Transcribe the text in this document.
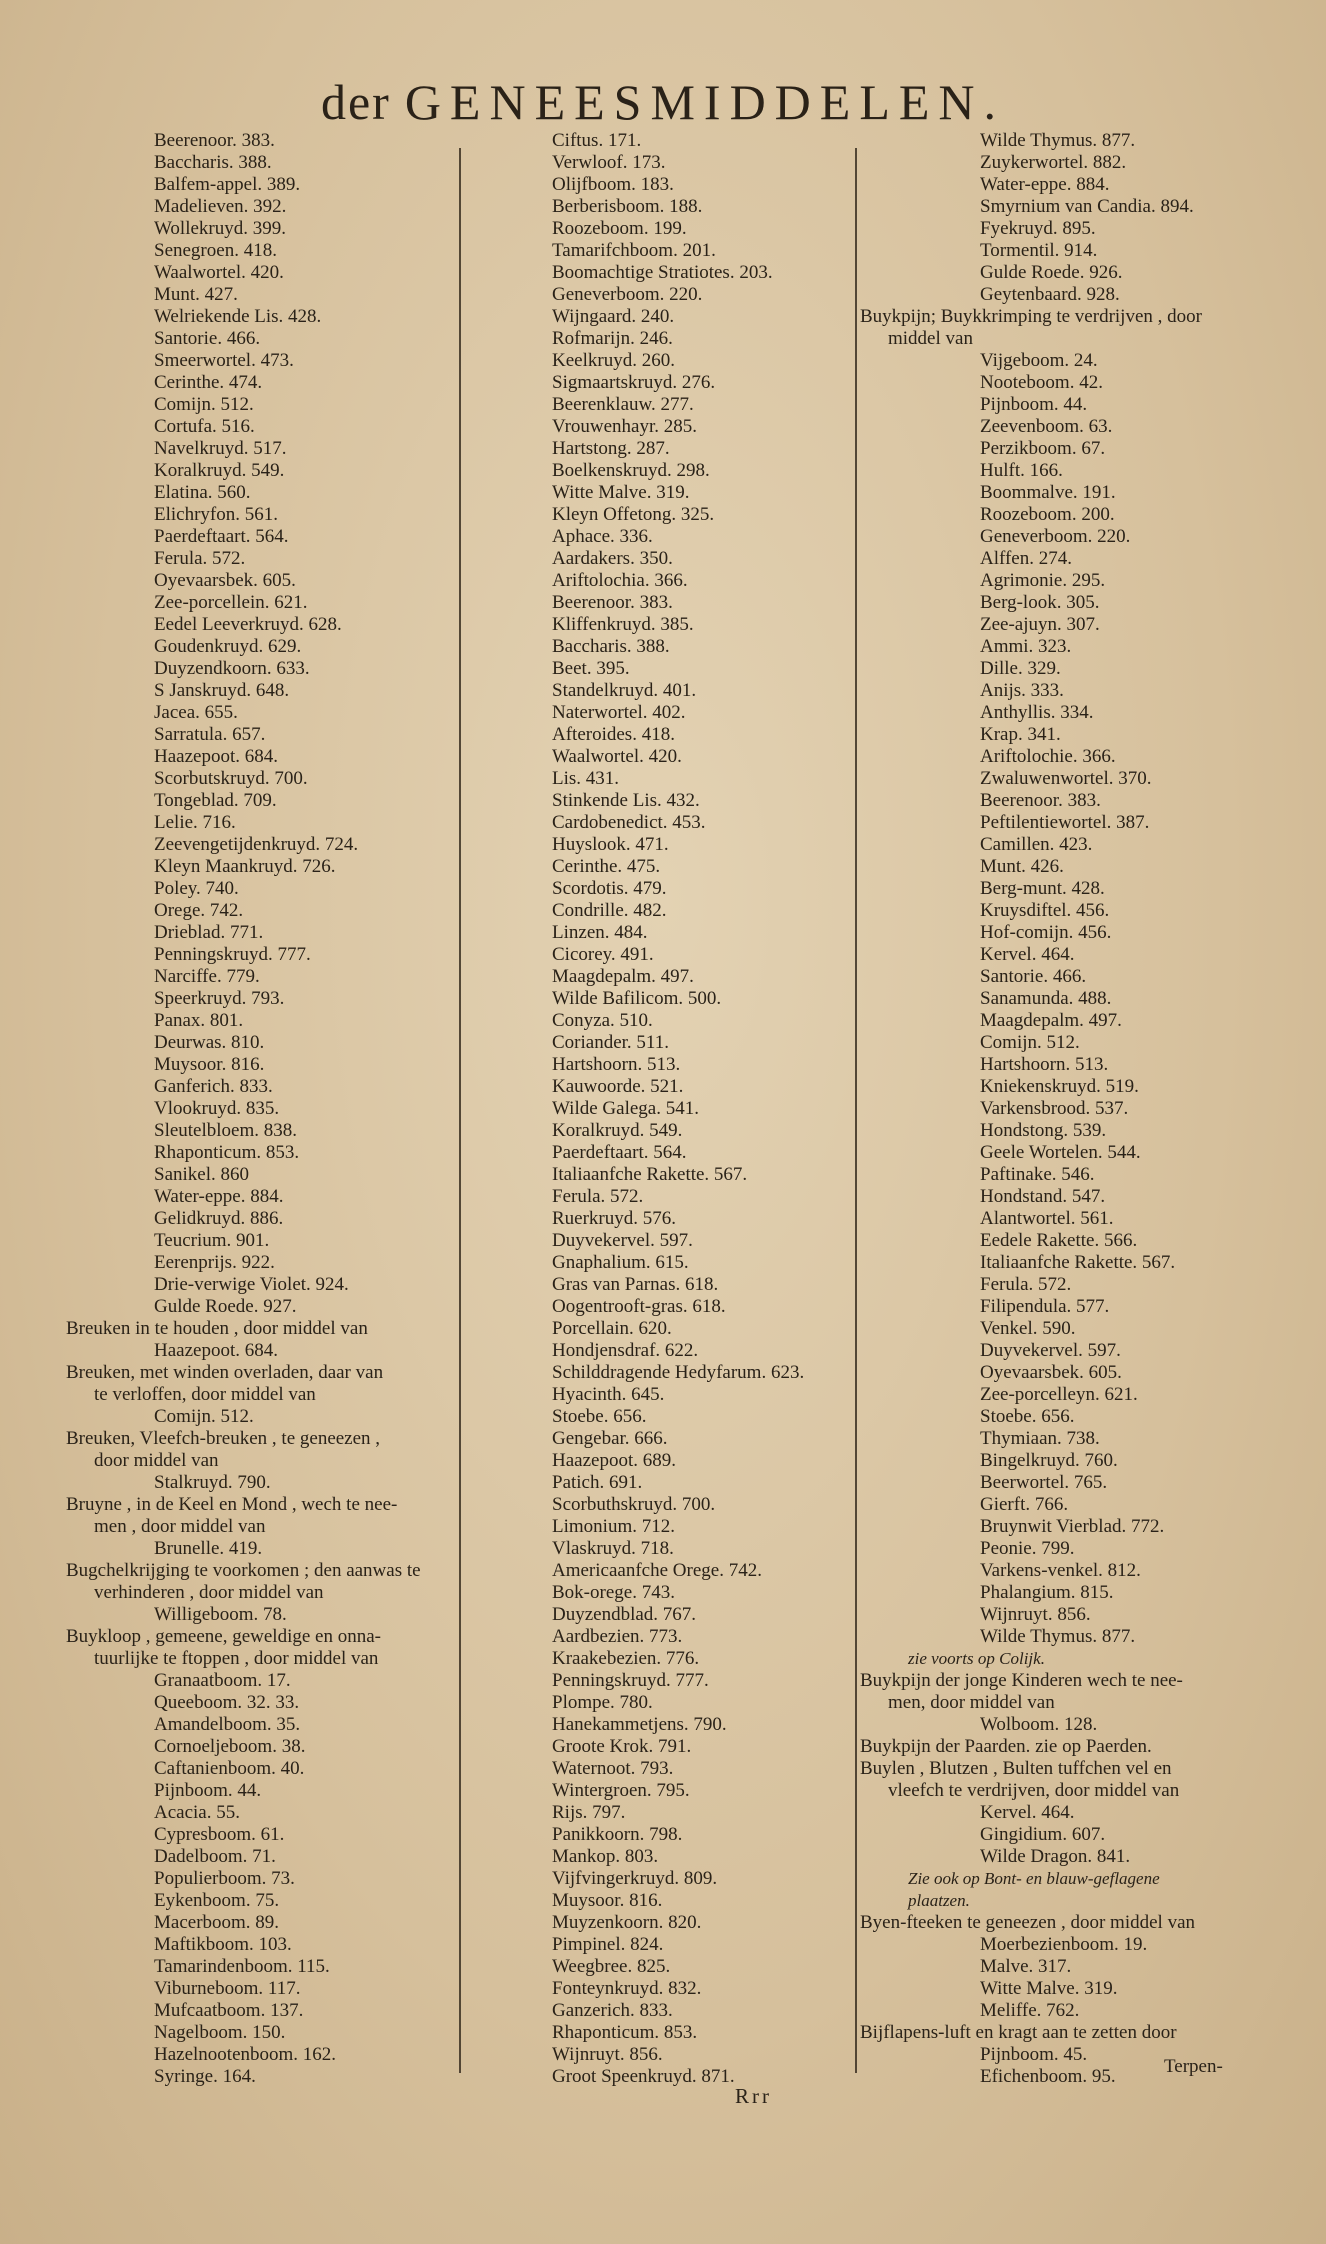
der GENEESMIDDELEN.
Beerenoor. 383.
Baccharis. 388.
Balfem-appel. 389.
Madelieven. 392.
Wollekruyd. 399.
Senegroen. 418.
Waalwortel. 420.
Munt. 427.
Welriekende Lis. 428.
Santorie. 466.
Smeerwortel. 473.
Cerinthe. 474.
Comijn. 512.
Cortufa. 516.
Navelkruyd. 517.
Koralkruyd. 549.
Elatina. 560.
Elichryfon. 561.
Paerdeftaart. 564.
Ferula. 572.
Oyevaarsbek. 605.
Zee-porcellein. 621.
Eedel Leeverkruyd. 628.
Goudenkruyd. 629.
Duyzendkoorn. 633.
S Janskruyd. 648.
Jacea. 655.
Sarratula. 657.
Haazepoot. 684.
Scorbutskruyd. 700.
Tongeblad. 709.
Lelie. 716.
Zeevengetijdenkruyd. 724.
Kleyn Maankruyd. 726.
Poley. 740.
Orege. 742.
Drieblad. 771.
Penningskruyd. 777.
Narciffe. 779.
Speerkruyd. 793.
Panax. 801.
Deurwas. 810.
Muysoor. 816.
Ganferich. 833.
Vlookruyd. 835.
Sleutelbloem. 838.
Rhaponticum. 853.
Sanikel. 860
Water-eppe. 884.
Gelidkruyd. 886.
Teucrium. 901.
Eerenprijs. 922.
Drie-verwige Violet. 924.
Gulde Roede. 927.
Breuken in te houden , door middel van
Haazepoot. 684.
Breuken, met winden overladen, daar van
te verloffen, door middel van
Comijn. 512.
Breuken, Vleefch-breuken , te geneezen ,
door middel van
Stalkruyd. 790.
Bruyne , in de Keel en Mond , wech te nee-
men , door middel van
Brunelle. 419.
Bugchelkrijging te voorkomen ; den aanwas te
verhinderen , door middel van
Willigeboom. 78.
Buykloop , gemeene, geweldige en onna-
tuurlijke te ftoppen , door middel van
Granaatboom. 17.
Queeboom. 32. 33.
Amandelboom. 35.
Cornoeljeboom. 38.
Caftanienboom. 40.
Pijnboom. 44.
Acacia. 55.
Cypresboom. 61.
Dadelboom. 71.
Populierboom. 73.
Eykenboom. 75.
Macerboom. 89.
Maftikboom. 103.
Tamarindenboom. 115.
Viburneboom. 117.
Mufcaatboom. 137.
Nagelboom. 150.
Hazelnootenboom. 162.
Syringe. 164.
Ciftus. 171.
Verwloof. 173.
Olijfboom. 183.
Berberisboom. 188.
Roozeboom. 199.
Tamarifchboom. 201.
Boomachtige Stratiotes. 203.
Geneverboom. 220.
Wijngaard. 240.
Rofmarijn. 246.
Keelkruyd. 260.
Sigmaartskruyd. 276.
Beerenklauw. 277.
Vrouwenhayr. 285.
Hartstong. 287.
Boelkenskruyd. 298.
Witte Malve. 319.
Kleyn Offetong. 325.
Aphace. 336.
Aardakers. 350.
Ariftolochia. 366.
Beerenoor. 383.
Kliffenkruyd. 385.
Baccharis. 388.
Beet. 395.
Standelkruyd. 401.
Naterwortel. 402.
Afteroides. 418.
Waalwortel. 420.
Lis. 431.
Stinkende Lis. 432.
Cardobenedict. 453.
Huyslook. 471.
Cerinthe. 475.
Scordotis. 479.
Condrille. 482.
Linzen. 484.
Cicorey. 491.
Maagdepalm. 497.
Wilde Bafilicom. 500.
Conyza. 510.
Coriander. 511.
Hartshoorn. 513.
Kauwoorde. 521.
Wilde Galega. 541.
Koralkruyd. 549.
Paerdeftaart. 564.
Italiaanfche Rakette. 567.
Ferula. 572.
Ruerkruyd. 576.
Duyvekervel. 597.
Gnaphalium. 615.
Gras van Parnas. 618.
Oogentrooft-gras. 618.
Porcellain. 620.
Hondjensdraf. 622.
Schilddragende Hedyfarum. 623.
Hyacinth. 645.
Stoebe. 656.
Gengebar. 666.
Haazepoot. 689.
Patich. 691.
Scorbuthskruyd. 700.
Limonium. 712.
Vlaskruyd. 718.
Americaanfche Orege. 742.
Bok-orege. 743.
Duyzendblad. 767.
Aardbezien. 773.
Kraakebezien. 776.
Penningskruyd. 777.
Plompe. 780.
Hanekammetjens. 790.
Groote Krok. 791.
Waternoot. 793.
Wintergroen. 795.
Rijs. 797.
Panikkoorn. 798.
Mankop. 803.
Vijfvingerkruyd. 809.
Muysoor. 816.
Muyzenkoorn. 820.
Pimpinel. 824.
Weegbree. 825.
Fonteynkruyd. 832.
Ganzerich. 833.
Rhaponticum. 853.
Wijnruyt. 856.
Groot Speenkruyd. 871.
Wilde Thymus. 877.
Zuykerwortel. 882.
Water-eppe. 884.
Smyrnium van Candia. 894.
Fyekruyd. 895.
Tormentil. 914.
Gulde Roede. 926.
Geytenbaard. 928.
Buykpijn; Buykkrimping te verdrijven , door
middel van
Vijgeboom. 24.
Nooteboom. 42.
Pijnboom. 44.
Zeevenboom. 63.
Perzikboom. 67.
Hulft. 166.
Boommalve. 191.
Roozeboom. 200.
Geneverboom. 220.
Alffen. 274.
Agrimonie. 295.
Berg-look. 305.
Zee-ajuyn. 307.
Ammi. 323.
Dille. 329.
Anijs. 333.
Anthyllis. 334.
Krap. 341.
Ariftolochie. 366.
Zwaluwenwortel. 370.
Beerenoor. 383.
Peftilentiewortel. 387.
Camillen. 423.
Munt. 426.
Berg-munt. 428.
Kruysdiftel. 456.
Hof-comijn. 456.
Kervel. 464.
Santorie. 466.
Sanamunda. 488.
Maagdepalm. 497.
Comijn. 512.
Hartshoorn. 513.
Kniekenskruyd. 519.
Varkensbrood. 537.
Hondstong. 539.
Geele Wortelen. 544.
Paftinake. 546.
Hondstand. 547.
Alantwortel. 561.
Eedele Rakette. 566.
Italiaanfche Rakette. 567.
Ferula. 572.
Filipendula. 577.
Venkel. 590.
Duyvekervel. 597.
Oyevaarsbek. 605.
Zee-porcelleyn. 621.
Stoebe. 656.
Thymiaan. 738.
Bingelkruyd. 760.
Beerwortel. 765.
Gierft. 766.
Bruynwit Vierblad. 772.
Peonie. 799.
Varkens-venkel. 812.
Phalangium. 815.
Wijnruyt. 856.
Wilde Thymus. 877.
zie voorts op Colijk.
Buykpijn der jonge Kinderen wech te nee-
men, door middel van
Wolboom. 128.
Buykpijn der Paarden. zie op Paerden.
Buylen , Blutzen , Bulten tuffchen vel en
vleefch te verdrijven, door middel van
Kervel. 464.
Gingidium. 607.
Wilde Dragon. 841.
Zie ook op Bont- en blauw-geflagene
plaatzen.
Byen-fteeken te geneezen , door middel van
Moerbezienboom. 19.
Malve. 317.
Witte Malve. 319.
Meliffe. 762.
Bijflapens-luft en kragt aan te zetten door
Pijnboom. 45.
Efichenboom. 95.
Rrr
Terpen-
